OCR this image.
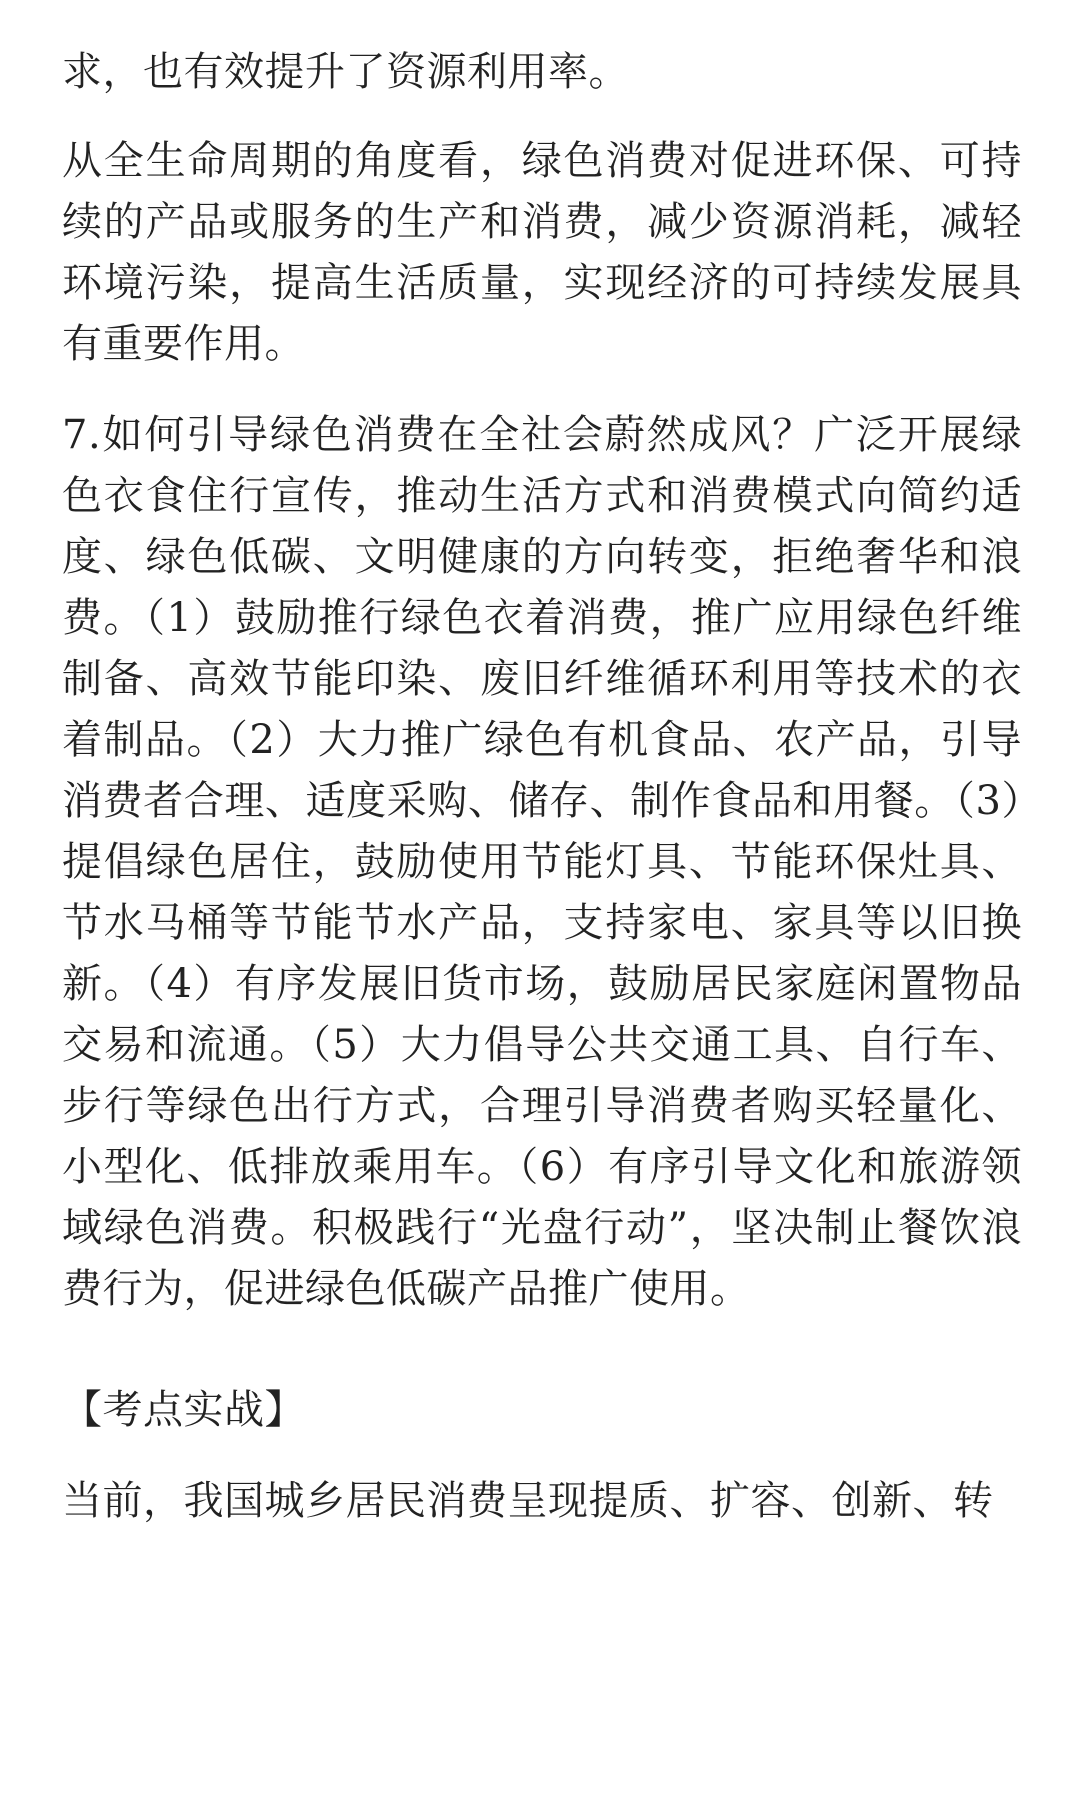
求，也有效提升了资源利用率。

从全生命周期的角度看，绿色消费对促进环保、可持续的产品或服务的生产和消费，减少资源消耗，减轻环境污染，提高生活质量，实现经济的可持续发展具有重要作用。

7.如何引导绿色消费在全社会蔚然成风？广泛开展绿色衣食住行宣传，推动生活方式和消费模式向简约适度、绿色低碳、文明健康的方向转变，拒绝奢华和浪费。（1）鼓励推行绿色衣着消费，推广应用绿色纤维制备、高效节能印染、废旧纤维循环利用等技术的衣着制品。（2）大力推广绿色有机食品、农产品，引导消费者合理、适度采购、储存、制作食品和用餐。（3）提倡绿色居住，鼓励使用节能灯具、节能环保灶具、节水马桶等节能节水产品，支持家电、家具等以旧换新。（4）有序发展旧货市场，鼓励居民家庭闲置物品交易和流通。（5）大力倡导公共交通工具、自行车、步行等绿色出行方式，合理引导消费者购买轻量化、小型化、低排放乘用车。（6）有序引导文化和旅游领域绿色消费。积极践行“光盘行动”，坚决制止餐饮浪费行为，促进绿色低碳产品推广使用。

【考点实战】

当前，我国城乡居民消费呈现提质、扩容、创新、转
